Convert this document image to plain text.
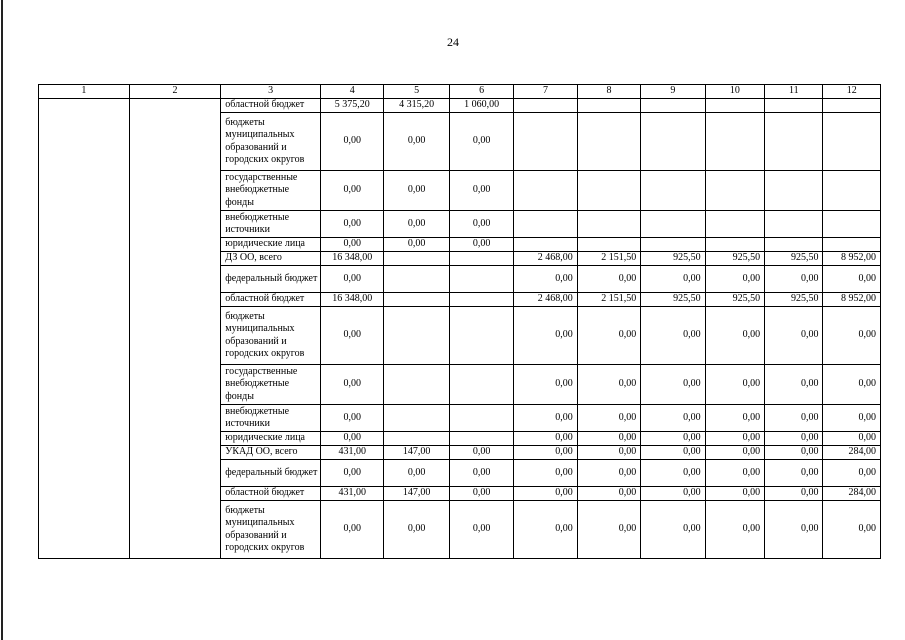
24
1	2	3	4	5	6	7	8	9	10	11	12
		областной бюджет	5 375,20	4 315,20	1 060,00						
		бюджеты муниципальных образований и городских округов	0,00	0,00	0,00						
		государственные внебюджетные фонды	0,00	0,00	0,00						
		внебюджетные источники	0,00	0,00	0,00						
		юридические лица	0,00	0,00	0,00						
		ДЗ ОО, всего	16 348,00			2 468,00	2 151,50	925,50	925,50	925,50	8 952,00
		федеральный бюджет	0,00			0,00	0,00	0,00	0,00	0,00	0,00
		областной бюджет	16 348,00			2 468,00	2 151,50	925,50	925,50	925,50	8 952,00
		бюджеты муниципальных образований и городских округов	0,00			0,00	0,00	0,00	0,00	0,00	0,00
		государственные внебюджетные фонды	0,00			0,00	0,00	0,00	0,00	0,00	0,00
		внебюджетные источники	0,00			0,00	0,00	0,00	0,00	0,00	0,00
		юридические лица	0,00			0,00	0,00	0,00	0,00	0,00	0,00
		УКАД ОО, всего	431,00	147,00	0,00	0,00	0,00	0,00	0,00	0,00	284,00
		федеральный бюджет	0,00	0,00	0,00	0,00	0,00	0,00	0,00	0,00	0,00
		областной бюджет	431,00	147,00	0,00	0,00	0,00	0,00	0,00	0,00	284,00
		бюджеты муниципальных образований и городских округов	0,00	0,00	0,00	0,00	0,00	0,00	0,00	0,00	0,00
